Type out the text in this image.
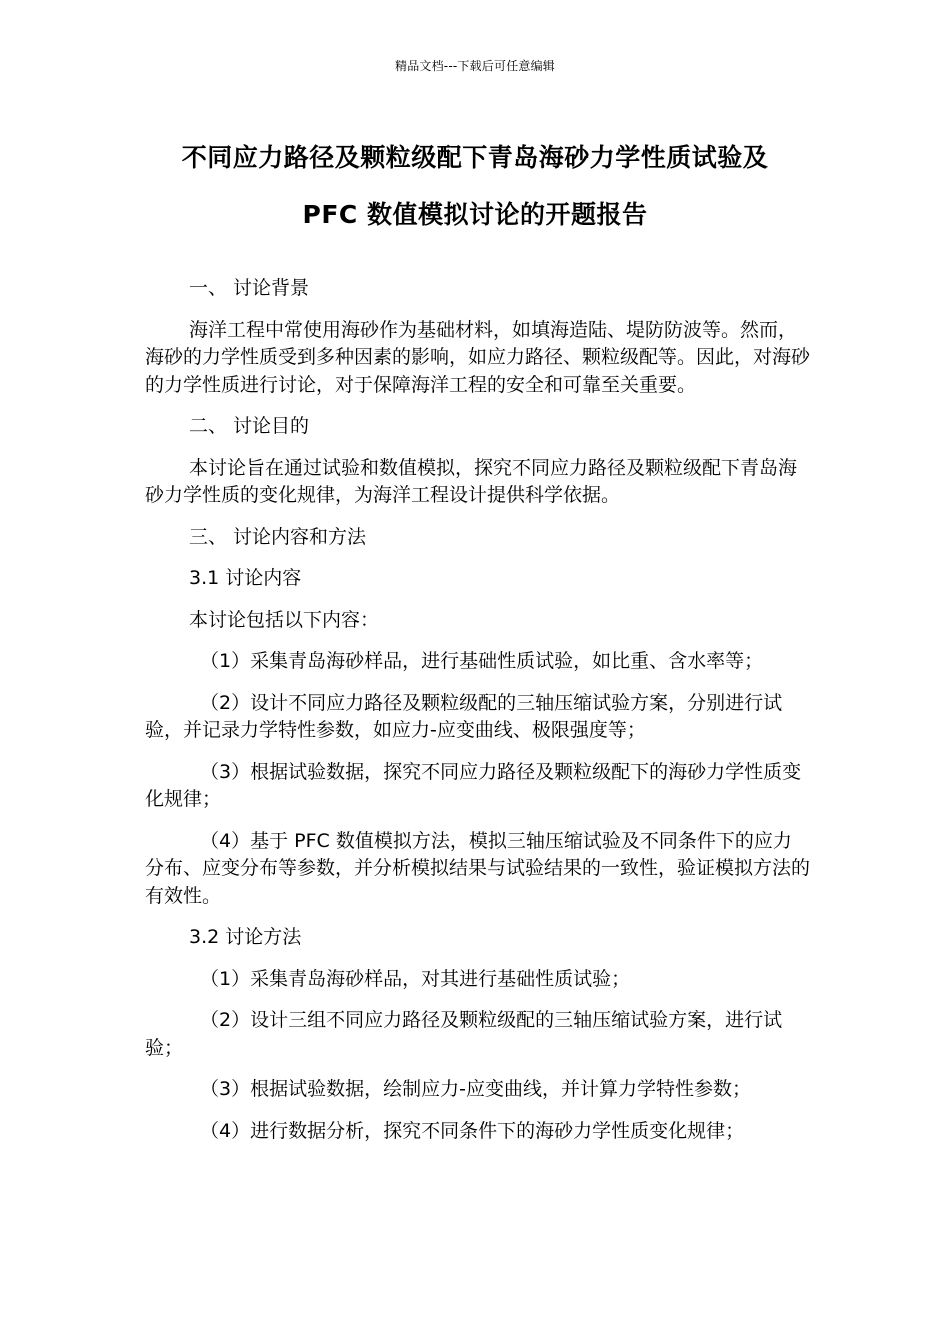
精品文档---下载后可任意编辑
不同应力路径及颗粒级配下青岛海砂力学性质试验及
PFC 数值模拟讨论的开题报告

一、 讨论背景

海洋工程中常使用海砂作为基础材料，如填海造陆、堤防防波等。然而，海砂的力学性质受到多种因素的影响，如应力路径、颗粒级配等。因此，对海砂的力学性质进行讨论，对于保障海洋工程的安全和可靠至关重要。

二、 讨论目的

本讨论旨在通过试验和数值模拟，探究不同应力路径及颗粒级配下青岛海砂力学性质的变化规律，为海洋工程设计提供科学依据。

三、 讨论内容和方法

3.1 讨论内容

本讨论包括以下内容：

（1）采集青岛海砂样品，进行基础性质试验，如比重、含水率等；

（2）设计不同应力路径及颗粒级配的三轴压缩试验方案，分别进行试验，并记录力学特性参数，如应力-应变曲线、极限强度等；

（3）根据试验数据，探究不同应力路径及颗粒级配下的海砂力学性质变化规律；

（4）基于 PFC 数值模拟方法，模拟三轴压缩试验及不同条件下的应力分布、应变分布等参数，并分析模拟结果与试验结果的一致性，验证模拟方法的有效性。

3.2 讨论方法

（1）采集青岛海砂样品，对其进行基础性质试验；

（2）设计三组不同应力路径及颗粒级配的三轴压缩试验方案，进行试验；

（3）根据试验数据，绘制应力-应变曲线，并计算力学特性参数；

（4）进行数据分析，探究不同条件下的海砂力学性质变化规律；
